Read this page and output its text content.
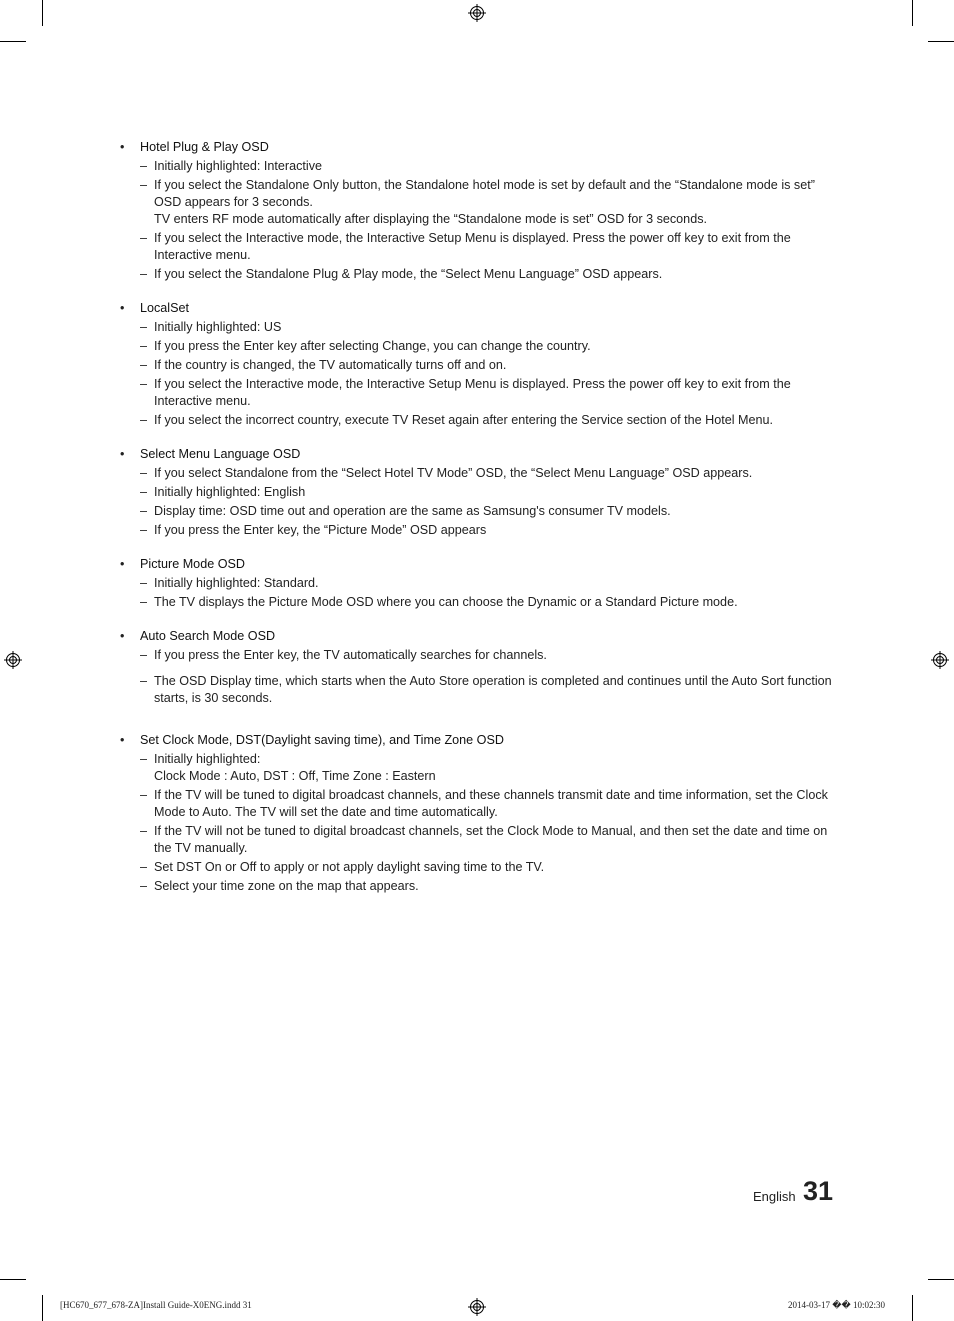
•	Hotel Plug & Play OSD
– Initially highlighted: Interactive
– If you select the Standalone Only button, the Standalone hotel mode is set by default and the “Standalone mode is set” OSD appears for 3 seconds.
TV enters RF mode automatically after displaying the “Standalone mode is set” OSD for 3 seconds.
– If you select the Interactive mode, the Interactive Setup Menu is displayed. Press the power off key to exit from the Interactive menu.
– If you select the Standalone Plug & Play mode, the “Select Menu Language” OSD appears.
•	LocalSet
– Initially highlighted: US
– If you press the Enter key after selecting Change, you can change the country.
– If the country is changed, the TV automatically turns off and on.
– If you select the Interactive mode, the Interactive Setup Menu is displayed. Press the power off key to exit from the Interactive menu.
– If you select the incorrect country, execute TV Reset again after entering the Service section of the Hotel Menu.
•	Select Menu Language OSD
– If you select Standalone from the “Select Hotel TV Mode” OSD, the “Select Menu Language” OSD appears.
– Initially highlighted: English
– Display time: OSD time out and operation are the same as Samsung's consumer TV models.
– If you press the Enter key, the “Picture Mode” OSD appears
•	Picture Mode OSD
– Initially highlighted: Standard.
– The TV displays the Picture Mode OSD where you can choose the Dynamic or a Standard Picture mode.
•	Auto Search Mode OSD
– If you press the Enter key, the TV automatically searches for channels.
– The OSD Display time, which starts when the Auto Store operation is completed and continues until the Auto Sort function starts, is 30 seconds.
•	Set Clock Mode, DST(Daylight saving time), and Time Zone OSD
– Initially highlighted:
Clock Mode : Auto, DST : Off, Time Zone : Eastern
– If the TV will be tuned to digital broadcast channels, and these channels transmit date and time information, set the Clock Mode to Auto. The TV will set the date and time automatically.
– If the TV will not be tuned to digital broadcast channels, set the Clock Mode to Manual, and then set the date and time on the TV manually.
– Set DST On or Off to apply or not apply daylight saving time to the TV.
– Select your time zone on the map that appears.
English 31
[HC670_677_678-ZA]Install Guide-X0ENG.indd 31	2014-03-17 �� 10:02:30
